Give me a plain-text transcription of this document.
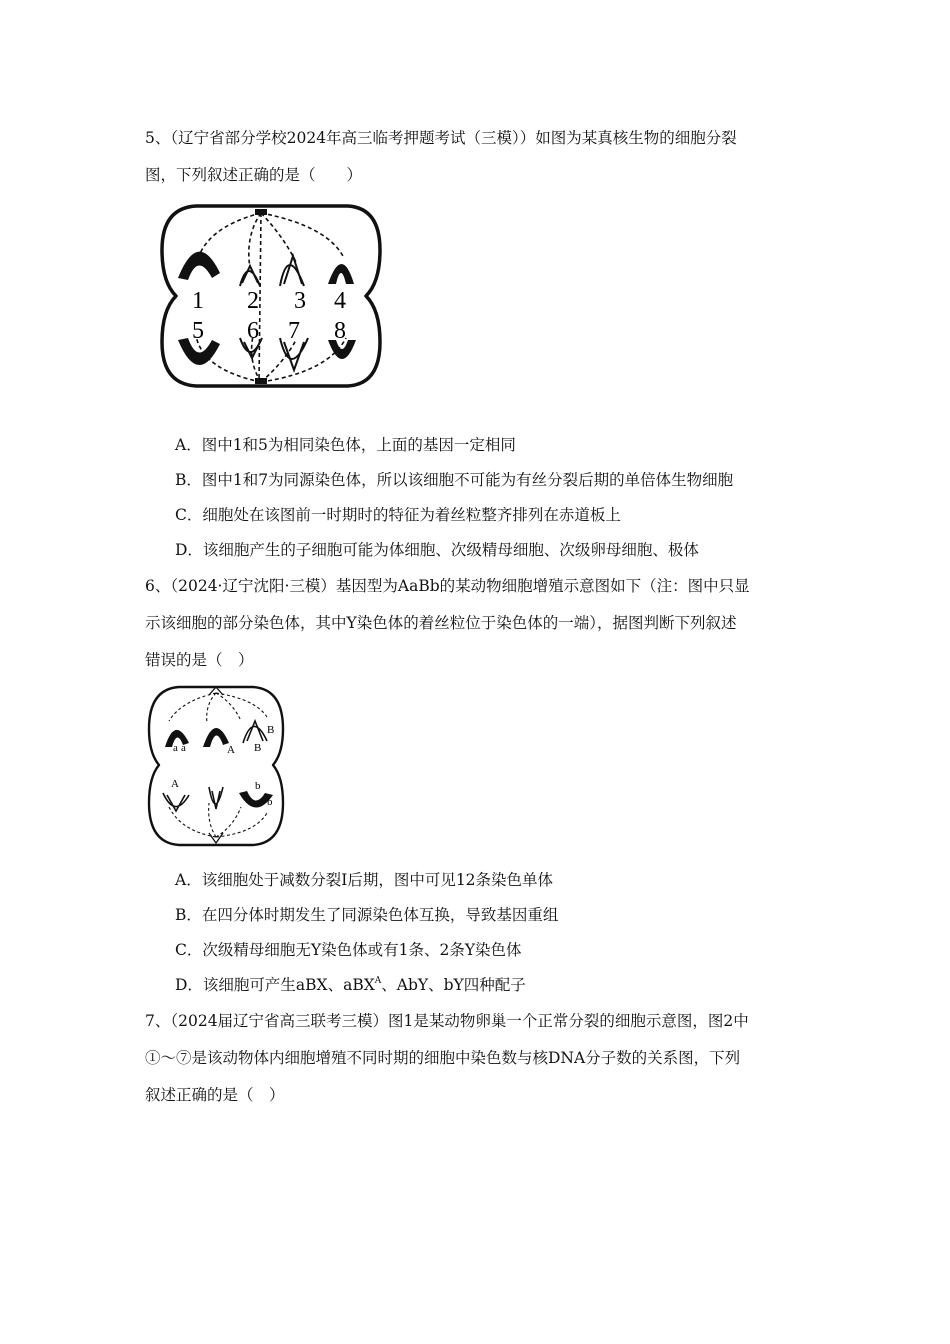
5、（辽宁省部分学校2024年高三临考押题考试（三模））如图为某真核生物的细胞分裂
图，下列叙述正确的是（　　）
1 2 3 4
5 6 7 8
A．图中1和5为相同染色体，上面的基因一定相同
B．图中1和7为同源染色体，所以该细胞不可能为有丝分裂后期的单倍体生物细胞
C．细胞处在该图前一时期时的特征为着丝粒整齐排列在赤道板上
D．该细胞产生的子细胞可能为体细胞、次级精母细胞、次级卵母细胞、极体
6、（2024·辽宁沈阳·三模）基因型为AaBb的某动物细胞增殖示意图如下（注：图中只显
示该细胞的部分染色体，其中Y染色体的着丝粒位于染色体的一端），据图判断下列叙述
错误的是（　）
a a	A
B
B
A	b
b
A．该细胞处于减数分裂Ⅰ后期，图中可见12条染色单体
B．在四分体时期发生了同源染色体互换，导致基因重组
C．次级精母细胞无Y染色体或有1条、2条Y染色体
D．该细胞可产生aBX、aBX$^A$、AbY、bY四种配子
7、（2024届辽宁省高三联考三模）图1是某动物卵巢一个正常分裂的细胞示意图，图2中
①～⑦是该动物体内细胞增殖不同时期的细胞中染色数与核DNA分子数的关系图，下列
叙述正确的是（　）
